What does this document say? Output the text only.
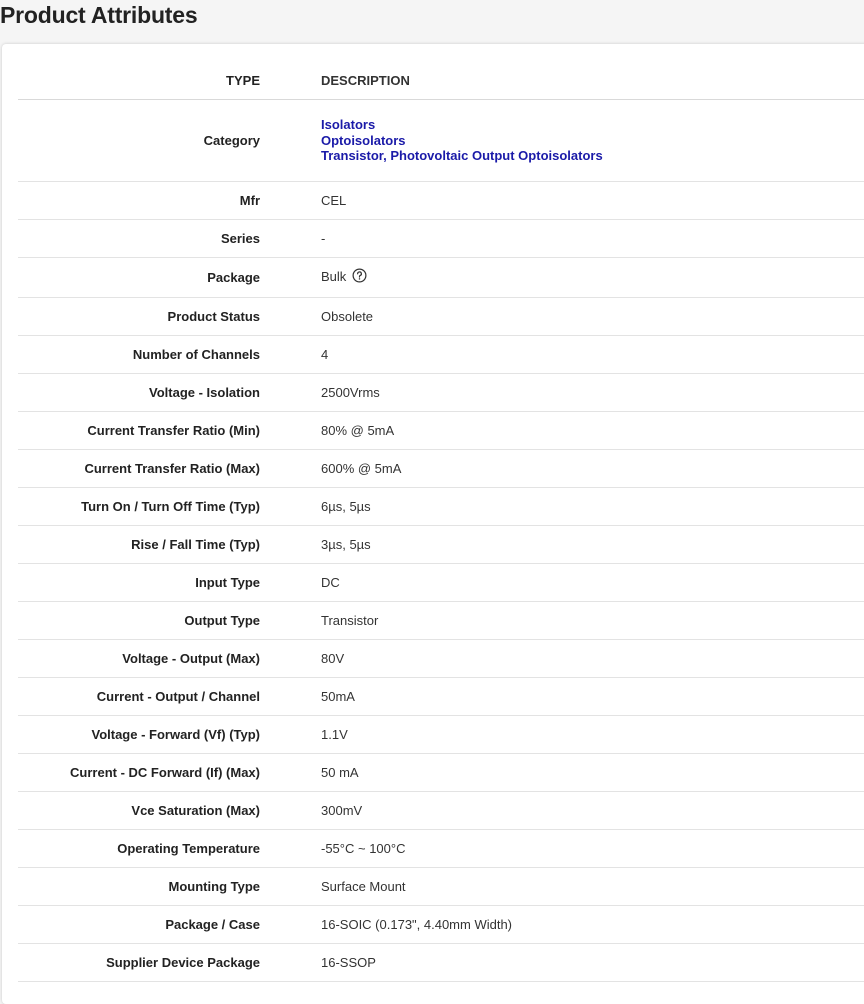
Product Attributes
TYPE	DESCRIPTION
Category	Isolators
Optoisolators
Transistor, Photovoltaic Output Optoisolators

Mfr	CEL
Series	-
Package	Bulk
Product Status	Obsolete
Number of Channels	4
Voltage - Isolation	2500Vrms
Current Transfer Ratio (Min)	80% @ 5mA
Current Transfer Ratio (Max)	600% @ 5mA
Turn On / Turn Off Time (Typ)	6µs, 5µs
Rise / Fall Time (Typ)	3µs, 5µs
Input Type	DC
Output Type	Transistor
Voltage - Output (Max)	80V
Current - Output / Channel	50mA
Voltage - Forward (Vf) (Typ)	1.1V
Current - DC Forward (If) (Max)	50 mA
Vce Saturation (Max)	300mV
Operating Temperature	-55°C ~ 100°C
Mounting Type	Surface Mount
Package / Case	16-SOIC (0.173", 4.40mm Width)
Supplier Device Package	16-SSOP
